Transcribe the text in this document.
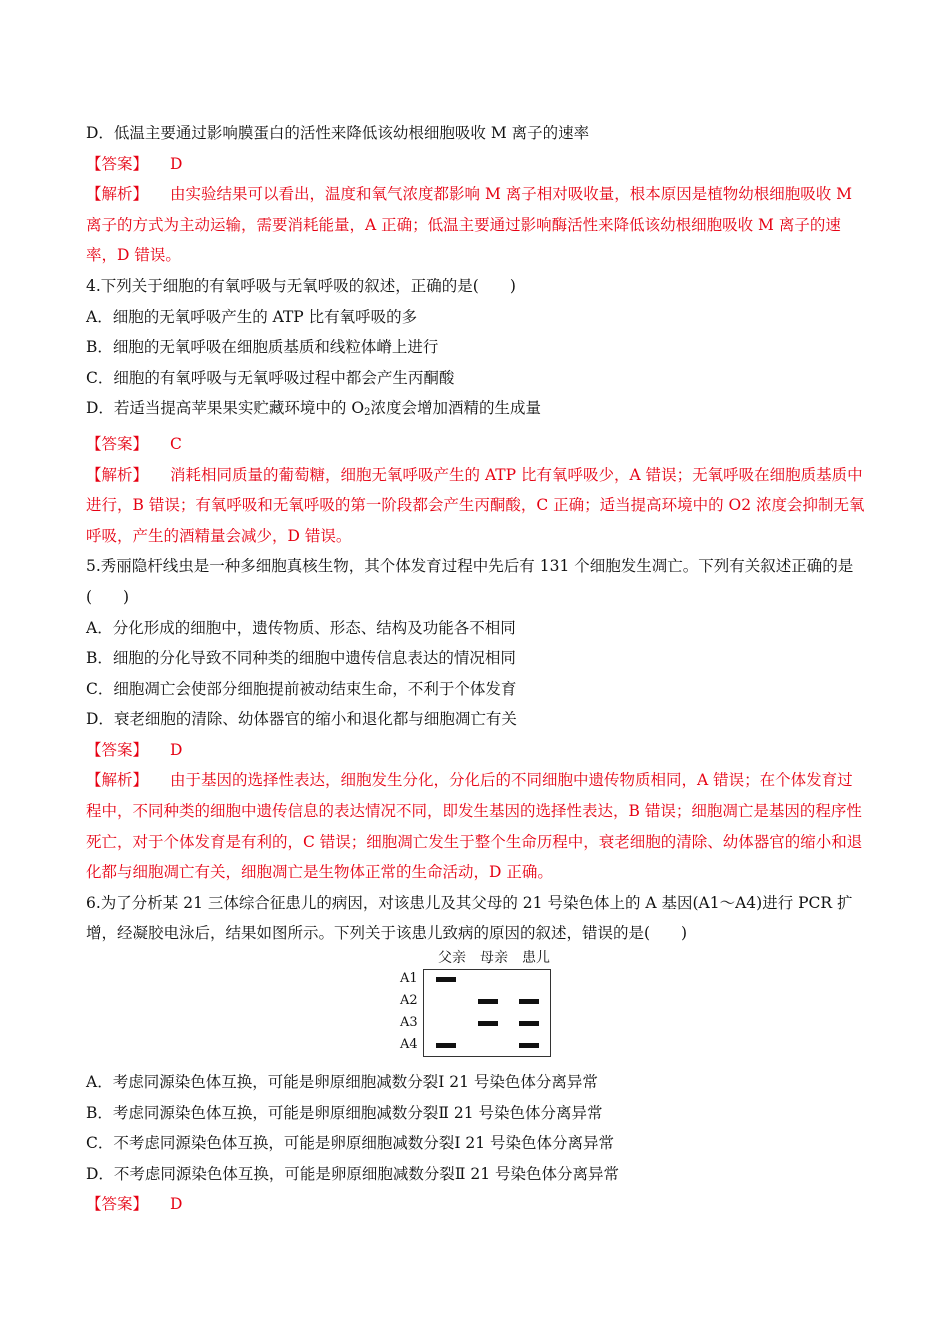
D．低温主要通过影响膜蛋白的活性来降低该幼根细胞吸收 M 离子的速率
【答案】 D
【解析】 由实验结果可以看出，温度和氧气浓度都影响 M 离子相对吸收量，根本原因是植物幼根细胞吸收 M 离子的方式为主动运输，需要消耗能量，A 正确；低温主要通过影响酶活性来降低该幼根细胞吸收 M 离子的速率，D 错误。
4.下列关于细胞的有氧呼吸与无氧呼吸的叙述，正确的是(　　)
A．细胞的无氧呼吸产生的 ATP 比有氧呼吸的多
B．细胞的无氧呼吸在细胞质基质和线粒体嵴上进行
C．细胞的有氧呼吸与无氧呼吸过程中都会产生丙酮酸
D．若适当提高苹果果实贮藏环境中的 $O_2$浓度会增加酒精的生成量
【答案】 C
【解析】 消耗相同质量的葡萄糖，细胞无氧呼吸产生的 ATP 比有氧呼吸少，A 错误；无氧呼吸在细胞质基质中进行，B 错误；有氧呼吸和无氧呼吸的第一阶段都会产生丙酮酸，C 正确；适当提高环境中的 O2 浓度会抑制无氧呼吸，产生的酒精量会减少，D 错误。
5.秀丽隐杆线虫是一种多细胞真核生物，其个体发育过程中先后有 131 个细胞发生凋亡。下列有关叙述正确的是(　　)
A．分化形成的细胞中，遗传物质、形态、结构及功能各不相同
B．细胞的分化导致不同种类的细胞中遗传信息表达的情况相同
C．细胞凋亡会使部分细胞提前被动结束生命，不利于个体发育
D．衰老细胞的清除、幼体器官的缩小和退化都与细胞凋亡有关
【答案】 D
【解析】 由于基因的选择性表达，细胞发生分化，分化后的不同细胞中遗传物质相同，A 错误；在个体发育过程中，不同种类的细胞中遗传信息的表达情况不同，即发生基因的选择性表达，B 错误；细胞凋亡是基因的程序性死亡，对于个体发育是有利的，C 错误；细胞凋亡发生于整个生命历程中，衰老细胞的清除、幼体器官的缩小和退化都与细胞凋亡有关，细胞凋亡是生物体正常的生命活动，D 正确。
6.为了分析某 21 三体综合征患儿的病因，对该患儿及其父母的 21 号染色体上的 A 基因(A1～A4)进行 PCR 扩增，经凝胶电泳后，结果如图所示。下列关于该患儿致病的原因的叙述，错误的是(　　)
父亲 母亲 患儿
A1
A2
A3
A4
A．考虑同源染色体互换，可能是卵原细胞减数分裂Ⅰ 21 号染色体分离异常
B．考虑同源染色体互换，可能是卵原细胞减数分裂Ⅱ 21 号染色体分离异常
C．不考虑同源染色体互换，可能是卵原细胞减数分裂Ⅰ 21 号染色体分离异常
D．不考虑同源染色体互换，可能是卵原细胞减数分裂Ⅱ 21 号染色体分离异常
【答案】 D
